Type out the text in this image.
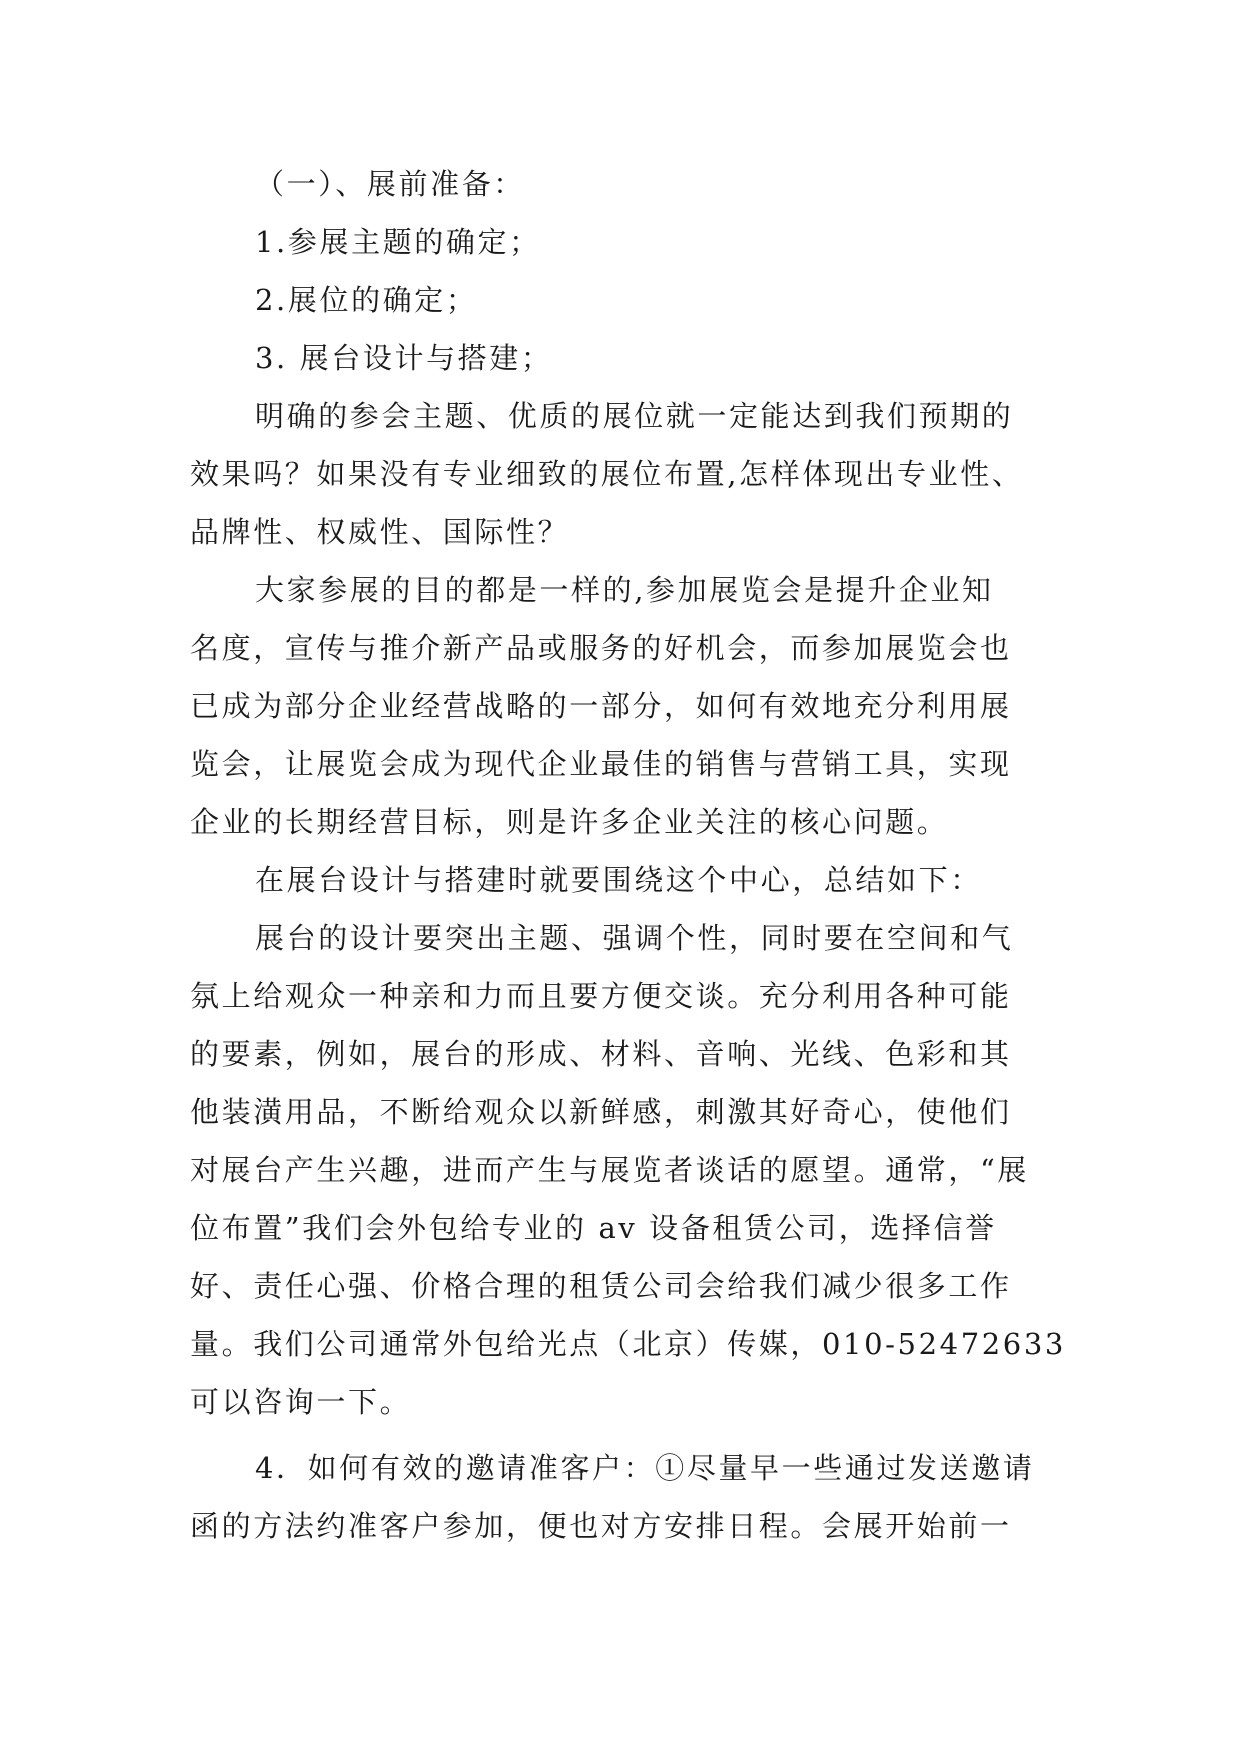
（一）、展前准备：
1.参展主题的确定；
2.展位的确定；
3. 展台设计与搭建；
明确的参会主题、优质的展位就一定能达到我们预期的
效果吗？如果没有专业细致的展位布置,怎样体现出专业性、
品牌性、权威性、国际性？
大家参展的目的都是一样的,参加展览会是提升企业知
名度，宣传与推介新产品或服务的好机会，而参加展览会也
已成为部分企业经营战略的一部分，如何有效地充分利用展
览会，让展览会成为现代企业最佳的销售与营销工具，实现
企业的长期经营目标，则是许多企业关注的核心问题。
在展台设计与搭建时就要围绕这个中心，总结如下：
展台的设计要突出主题、强调个性，同时要在空间和气
氛上给观众一种亲和力而且要方便交谈。充分利用各种可能
的要素，例如，展台的形成、材料、音响、光线、色彩和其
他装潢用品，不断给观众以新鲜感，刺激其好奇心，使他们
对展台产生兴趣，进而产生与展览者谈话的愿望。通常，“展
位布置”我们会外包给专业的 av 设备租赁公司，选择信誉
好、责任心强、价格合理的租赁公司会给我们减少很多工作
量。我们公司通常外包给光点（北京）传媒，010-52472633
可以咨询一下。
4．如何有效的邀请准客户：①尽量早一些通过发送邀请
函的方法约准客户参加，便也对方安排日程。会展开始前一
